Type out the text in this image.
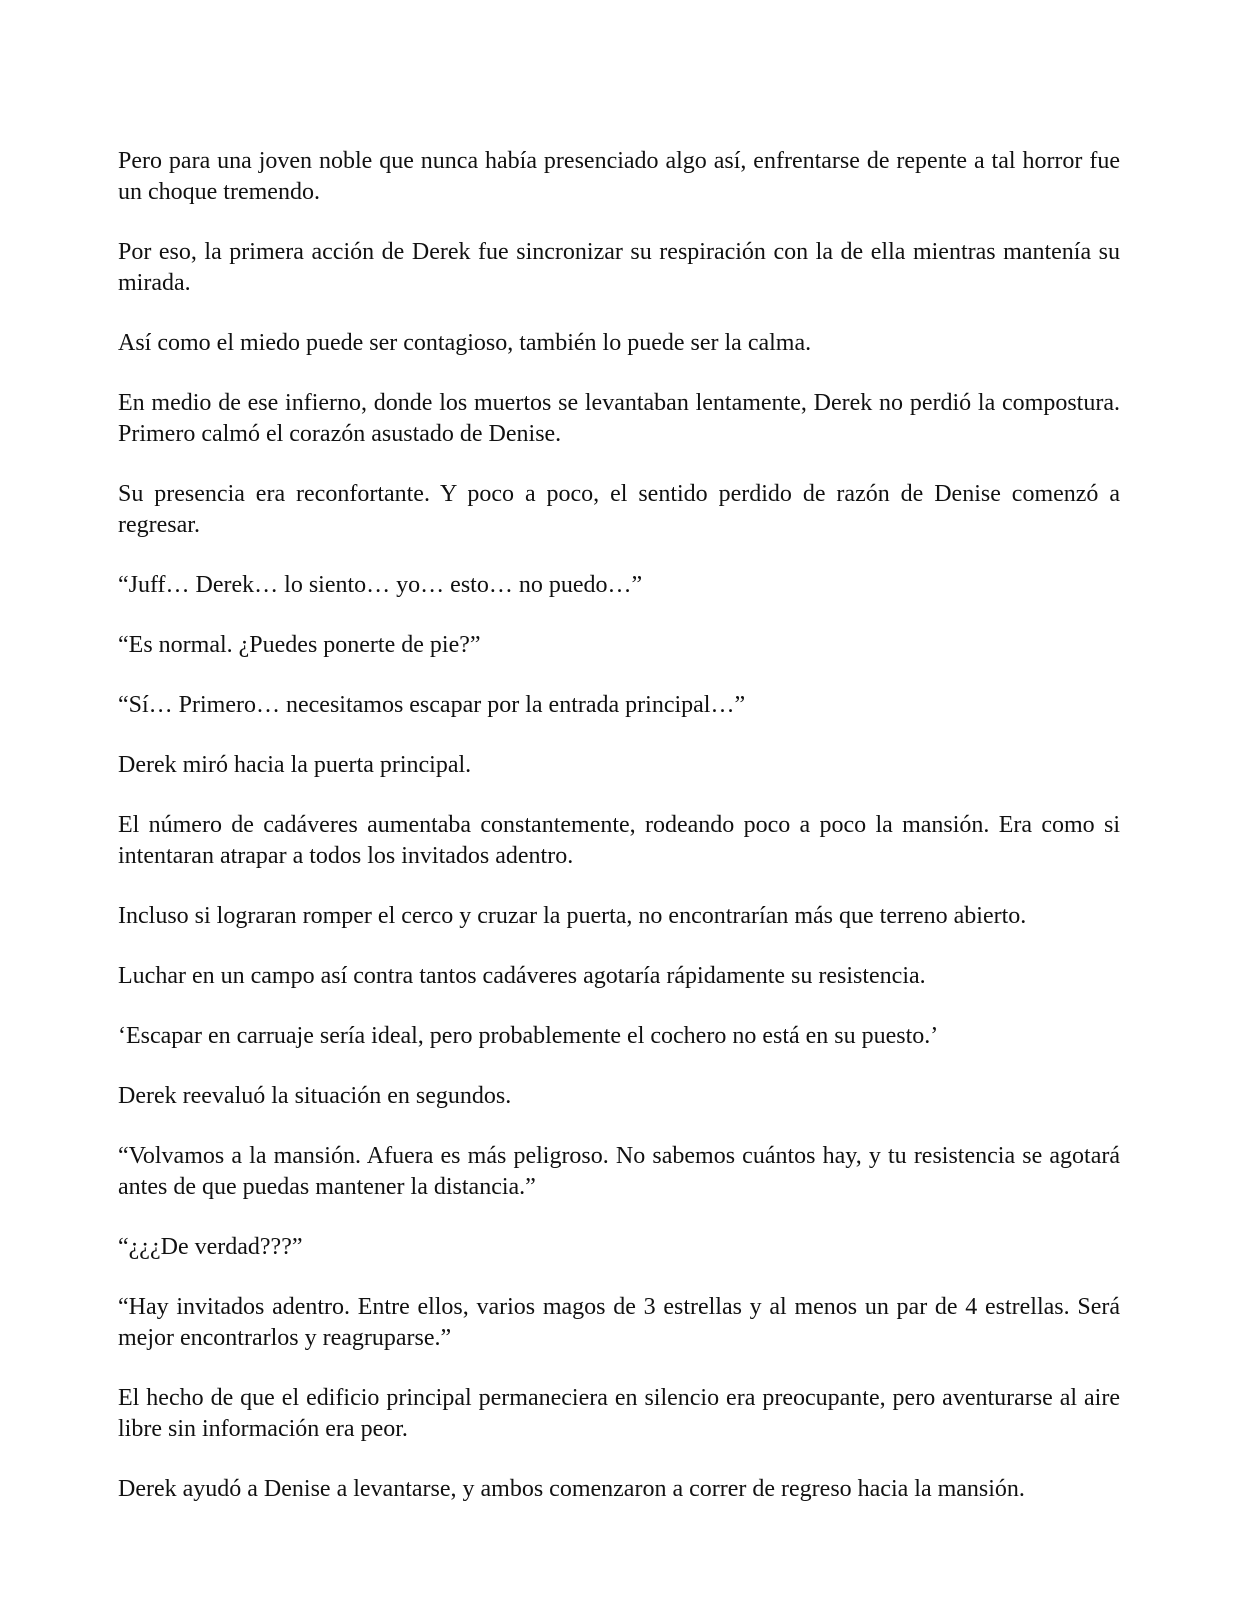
Pero para una joven noble que nunca había presenciado algo así, enfrentarse de repente a tal horror fue un choque tremendo.

Por eso, la primera acción de Derek fue sincronizar su respiración con la de ella mientras mantenía su mirada.

Así como el miedo puede ser contagioso, también lo puede ser la calma.

En medio de ese infierno, donde los muertos se levantaban lentamente, Derek no perdió la compostura. Primero calmó el corazón asustado de Denise.

Su presencia era reconfortante. Y poco a poco, el sentido perdido de razón de Denise comenzó a regresar.

“Juff… Derek… lo siento… yo… esto… no puedo…”

“Es normal. ¿Puedes ponerte de pie?”

“Sí… Primero… necesitamos escapar por la entrada principal…”

Derek miró hacia la puerta principal.

El número de cadáveres aumentaba constantemente, rodeando poco a poco la mansión. Era como si intentaran atrapar a todos los invitados adentro.

Incluso si lograran romper el cerco y cruzar la puerta, no encontrarían más que terreno abierto.

Luchar en un campo así contra tantos cadáveres agotaría rápidamente su resistencia.

‘Escapar en carruaje sería ideal, pero probablemente el cochero no está en su puesto.’

Derek reevaluó la situación en segundos.

“Volvamos a la mansión. Afuera es más peligroso. No sabemos cuántos hay, y tu resistencia se agotará antes de que puedas mantener la distancia.”

“¿¿¿De verdad???”

“Hay invitados adentro. Entre ellos, varios magos de 3 estrellas y al menos un par de 4 estrellas. Será mejor encontrarlos y reagruparse.”

El hecho de que el edificio principal permaneciera en silencio era preocupante, pero aventurarse al aire libre sin información era peor.

Derek ayudó a Denise a levantarse, y ambos comenzaron a correr de regreso hacia la mansión.
